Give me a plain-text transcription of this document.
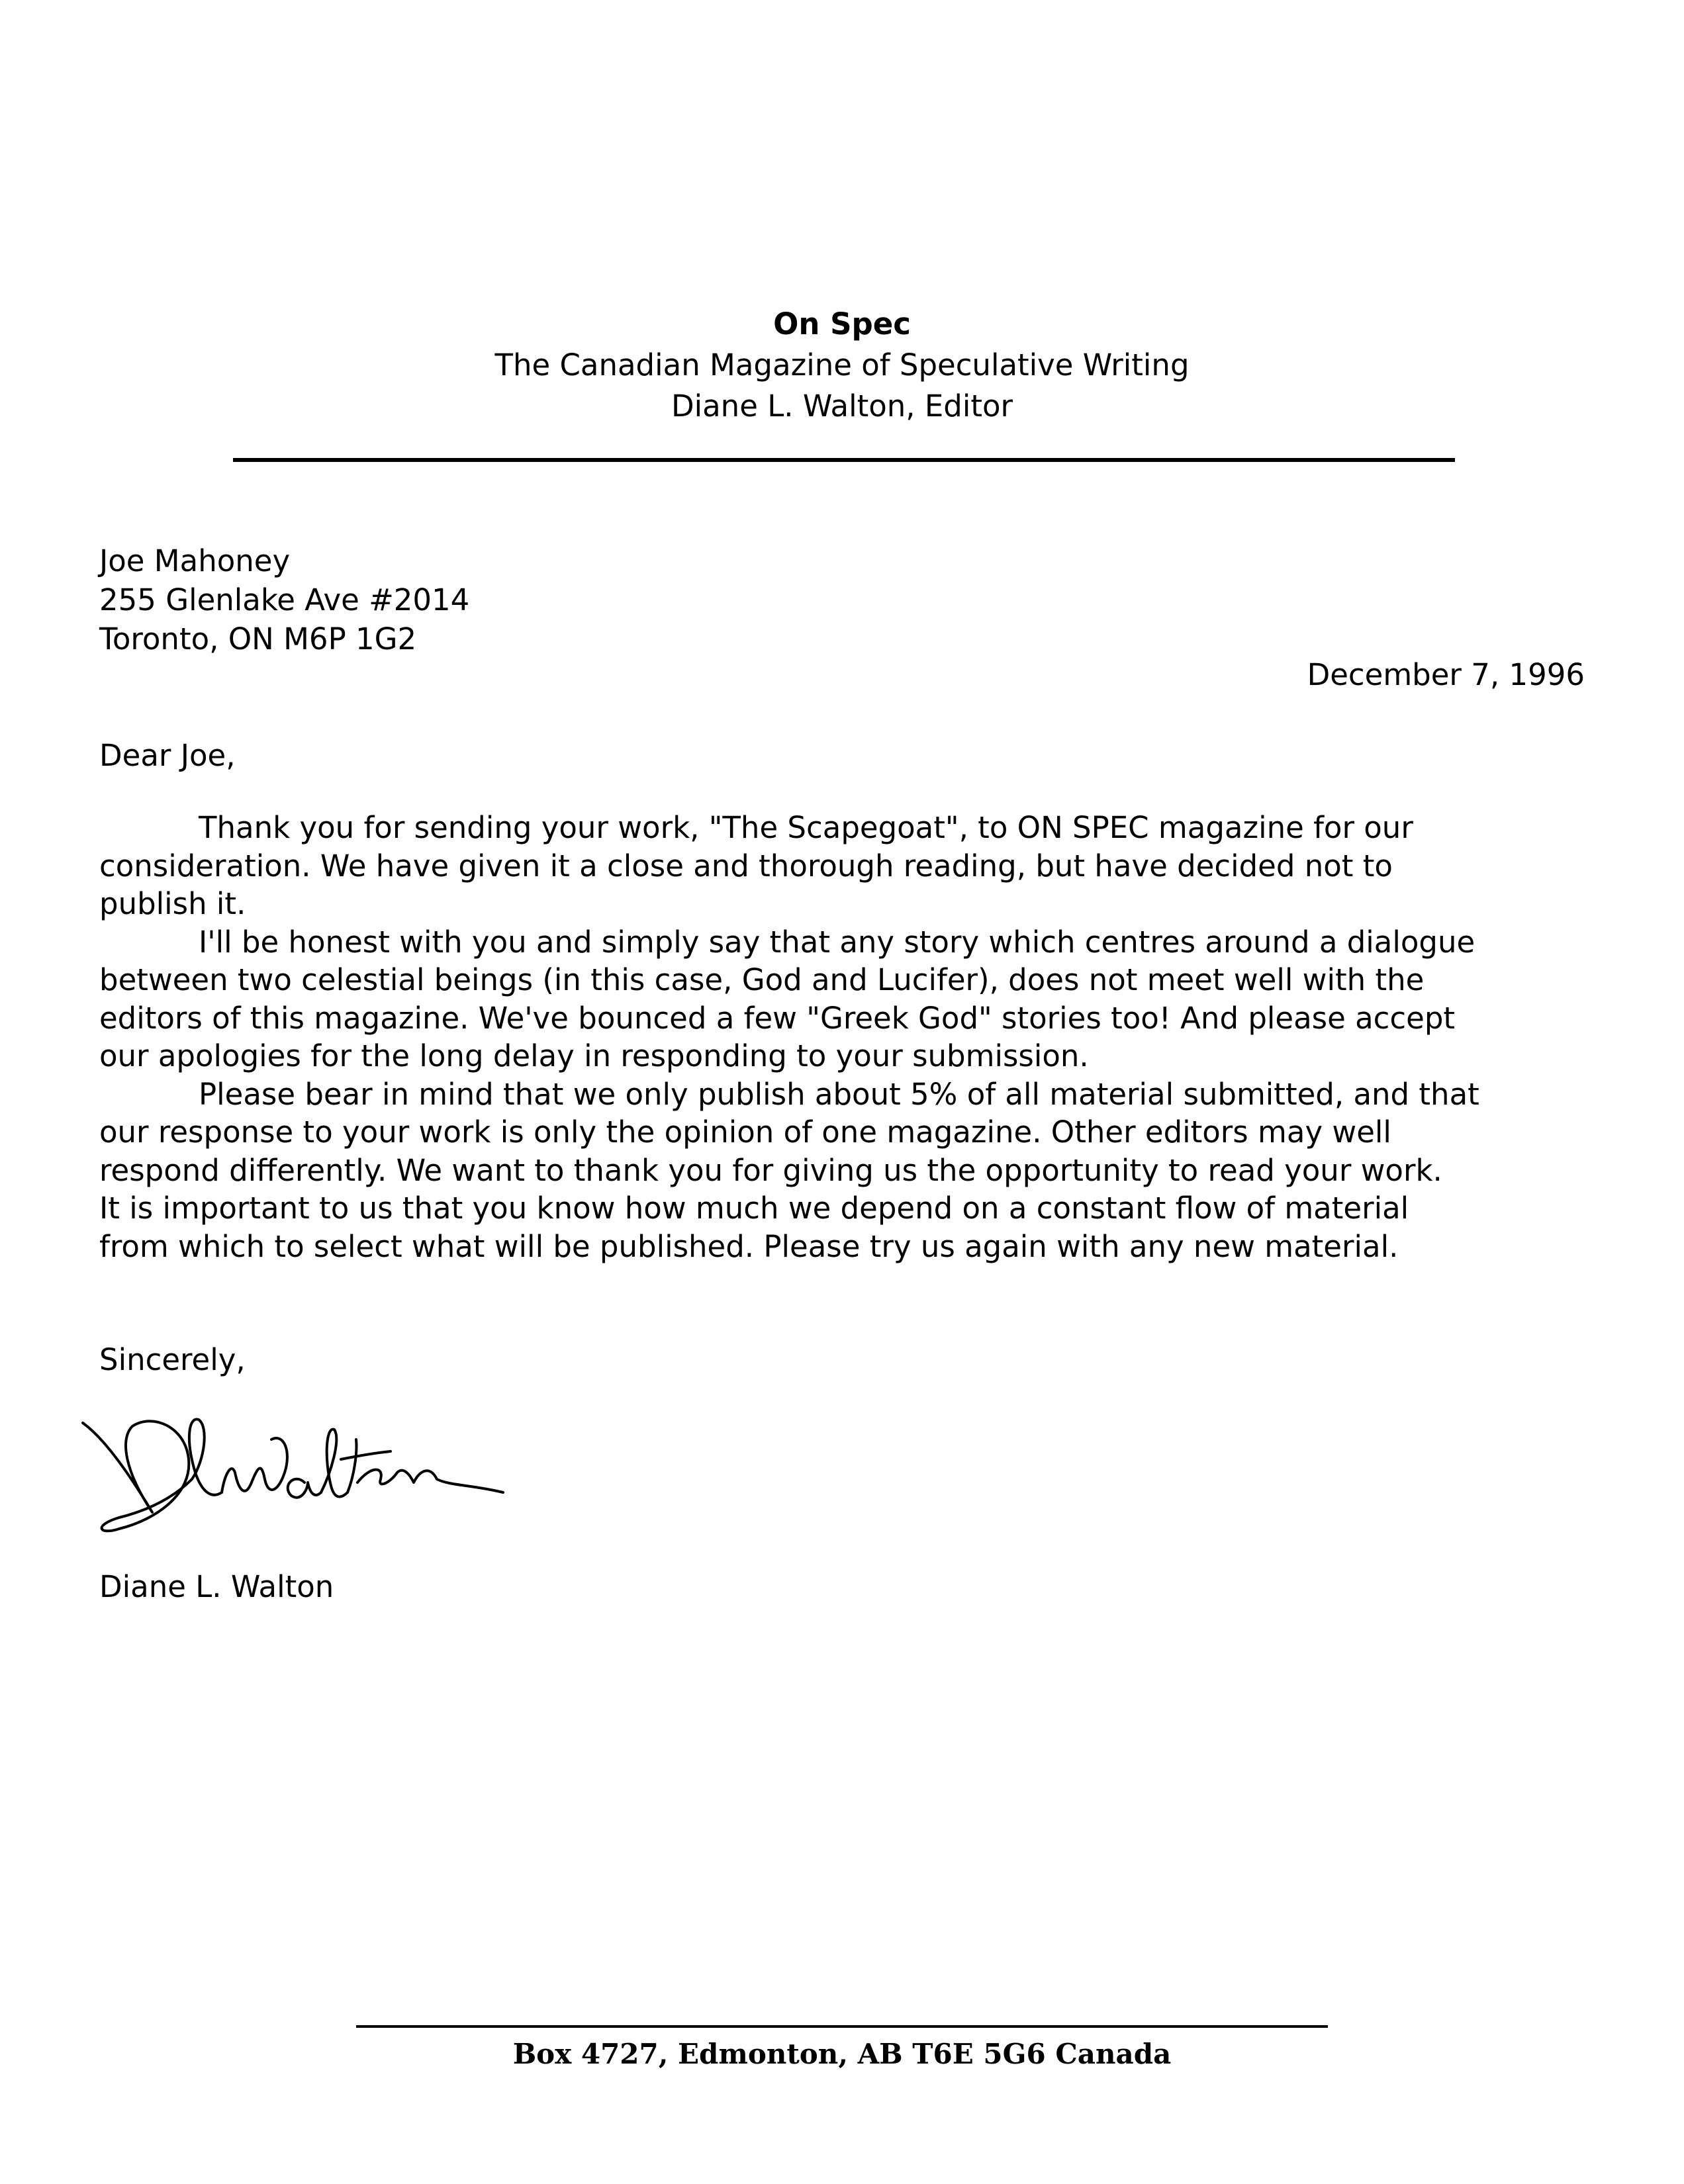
On Spec
The Canadian Magazine of Speculative Writing
Diane L. Walton, Editor
Joe Mahoney
255 Glenlake Ave #2014
Toronto, ON M6P 1G2
December 7, 1996
Dear Joe,
Thank you for sending your work, "The Scapegoat", to ON SPEC magazine for our
consideration. We have given it a close and thorough reading, but have decided not to
publish it.
I'll be honest with you and simply say that any story which centres around a dialogue
between two celestial beings (in this case, God and Lucifer), does not meet well with the
editors of this magazine. We've bounced a few "Greek God" stories too! And please accept
our apologies for the long delay in responding to your submission.
Please bear in mind that we only publish about 5% of all material submitted, and that
our response to your work is only the opinion of one magazine. Other editors may well
respond differently. We want to thank you for giving us the opportunity to read your work.
It is important to us that you know how much we depend on a constant flow of material
from which to select what will be published. Please try us again with any new material.
Sincerely,
Diane L. Walton
Box 4727, Edmonton, AB T6E 5G6 Canada
